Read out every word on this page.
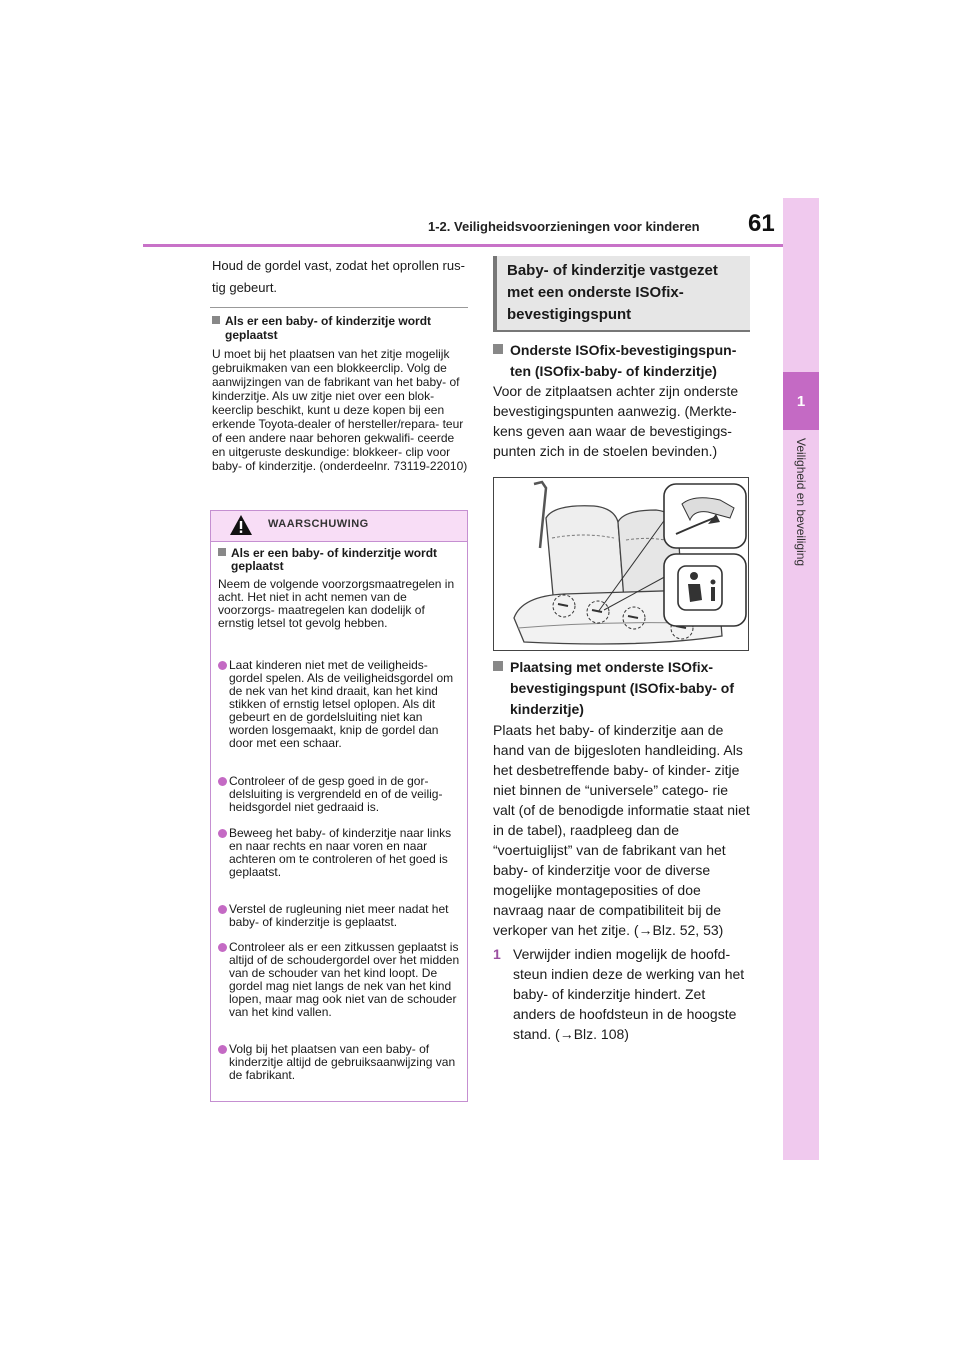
1-2. Veiligheidsvoorzieningen voor kinderen 61
1
Veiligheid en beveiliging
Houd de gordel vast, zodat het oprollen rus- tig gebeurt.
Als er een baby- of kinderzitje wordt geplaatst
U moet bij het plaatsen van het zitje mogelijk gebruikmaken van een blokkeerclip. Volg de aanwijzingen van de fabrikant van het baby- of kinderzitje. Als uw zitje niet over een blok- keerclip beschikt, kunt u deze kopen bij een erkende Toyota-dealer of hersteller/repara- teur of een andere naar behoren gekwalifi- ceerde en uitgeruste deskundige: blokkeer- clip voor baby- of kinderzitje. (onderdeelnr. 73119-22010)
WAARSCHUWING
Als er een baby- of kinderzitje wordt geplaatst
Neem de volgende voorzorgsmaatregelen in acht. Het niet in acht nemen van de voorzorgs- maatregelen kan dodelijk of ernstig letsel tot gevolg hebben.
Laat kinderen niet met de veiligheids- gordel spelen. Als de veiligheidsgordel om de nek van het kind draait, kan het kind stikken of ernstig letsel oplopen. Als dit gebeurt en de gordelsluiting niet kan worden losgemaakt, knip de gordel dan door met een schaar.
Controleer of de gesp goed in de gor- delsluiting is vergrendeld en of de veilig- heidsgordel niet gedraaid is.
Beweeg het baby- of kinderzitje naar links en naar rechts en naar voren en naar achteren om te controleren of het goed is geplaatst.
Verstel de rugleuning niet meer nadat het baby- of kinderzitje is geplaatst.
Controleer als er een zitkussen geplaatst is altijd of de schoudergordel over het midden van de schouder van het kind loopt. De gordel mag niet langs de nek van het kind lopen, maar mag ook niet van de schouder van het kind vallen.
Volg bij het plaatsen van een baby- of kinderzitje altijd de gebruiksaanwijzing van de fabrikant.
Baby- of kinderzitje vastgezet met een onderste ISOfix-bevestigingspunt
Onderste ISOfix-bevestigingspun- ten (ISOfix-baby- of kinderzitje)
Voor de zitplaatsen achter zijn onderste bevestigingspunten aanwezig. (Merkte- kens geven aan waar de bevestigings- punten zich in de stoelen bevinden.)
Plaatsing met onderste ISOfix- bevestigingspunt (ISOfix-baby- of kinderzitje)
Plaats het baby- of kinderzitje aan de hand van de bijgesloten handleiding. Als het desbetreffende baby- of kinder- zitje niet binnen de “universele” catego- rie valt (of de benodigde informatie staat niet in de tabel), raadpleeg dan de “voertuiglijst” van de fabrikant van het baby- of kinderzitje voor de diverse mogelijke montageposities of doe navraag naar de compatibiliteit bij de verkoper van het zitje. (→Blz. 52, 53)
1 Verwijder indien mogelijk de hoofd- steun indien deze de werking van het baby- of kinderzitje hindert. Zet anders de hoofdsteun in de hoogste stand. (→Blz. 108)
